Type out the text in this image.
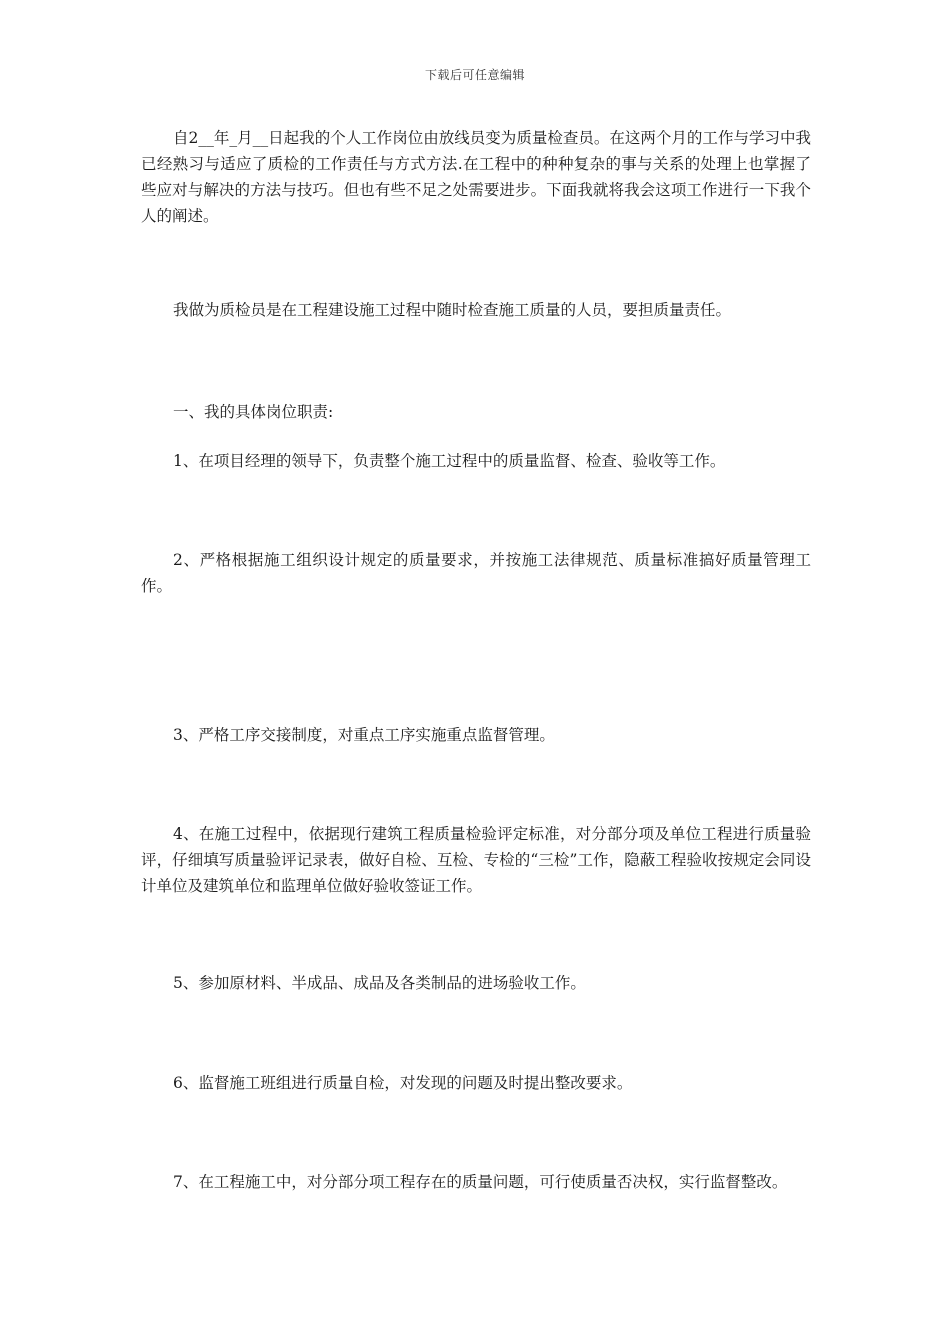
下载后可任意编辑

自2__年_月__日起我的个人工作岗位由放线员变为质量检查员。在这两个月的工作与学习中我已经熟习与适应了质检的工作责任与方式方法.在工程中的种种复杂的事与关系的处理上也掌握了些应对与解决的方法与技巧。但也有些不足之处需要进步。下面我就将我会这项工作进行一下我个人的阐述。

我做为质检员是在工程建设施工过程中随时检查施工质量的人员，要担质量责任。

一、我的具体岗位职责:

1、在项目经理的领导下，负责整个施工过程中的质量监督、检查、验收等工作。

2、严格根据施工组织设计规定的质量要求，并按施工法律规范、质量标准搞好质量管理工作。

3、严格工序交接制度，对重点工序实施重点监督管理。

4、在施工过程中，依据现行建筑工程质量检验评定标准，对分部分项及单位工程进行质量验评，仔细填写质量验评记录表，做好自检、互检、专检的“三检”工作，隐蔽工程验收按规定会同设计单位及建筑单位和监理单位做好验收签证工作。

5、参加原材料、半成品、成品及各类制品的进场验收工作。

6、监督施工班组进行质量自检，对发现的问题及时提出整改要求。

7、在工程施工中，对分部分项工程存在的质量问题，可行使质量否决权，实行监督整改。
